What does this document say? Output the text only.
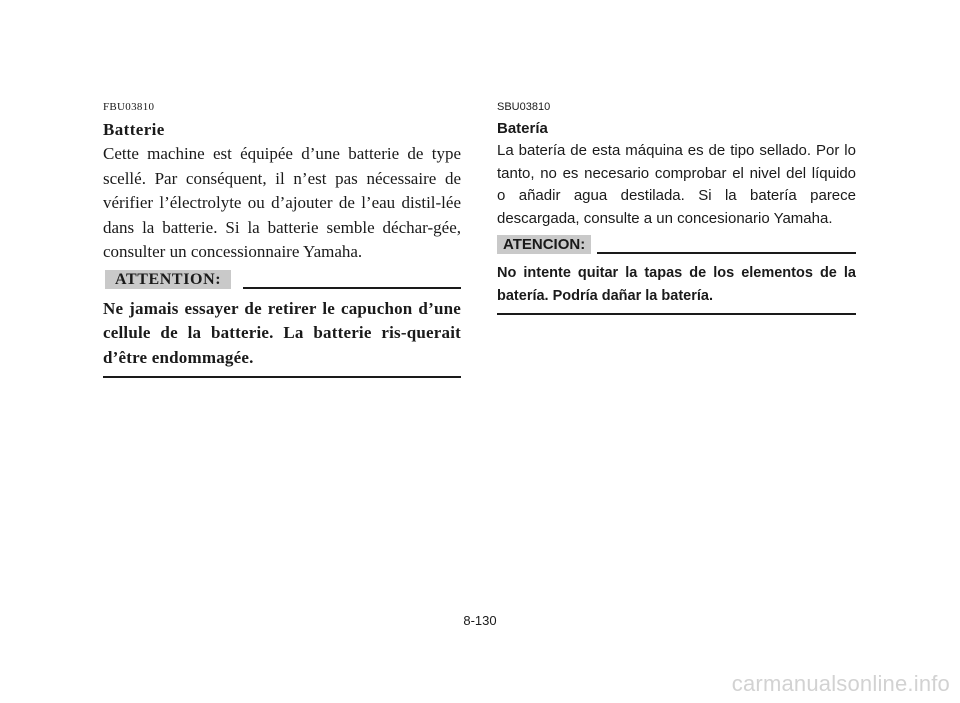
FBU03810

Batterie

Cette machine est équipée d’une batterie de type scellé. Par conséquent, il n’est pas nécessaire de vérifier l’électrolyte ou d’ajouter de l’eau distil-lée dans la batterie. Si la batterie semble déchar-gée, consulter un concessionnaire Yamaha.

ATTENTION:

Ne jamais essayer de retirer le capuchon d’une cellule de la batterie. La batterie ris-querait d’être endommagée.

SBU03810

Batería

La batería de esta máquina es de tipo sellado. Por lo tanto, no es necesario comprobar el nivel del líquido o añadir agua destilada. Si la batería parece descargada, consulte a un concesionario Yamaha.

ATENCION:

No intente quitar la tapas de los elementos de la batería. Podría dañar la batería.

8-130
carmanualsonline.info
